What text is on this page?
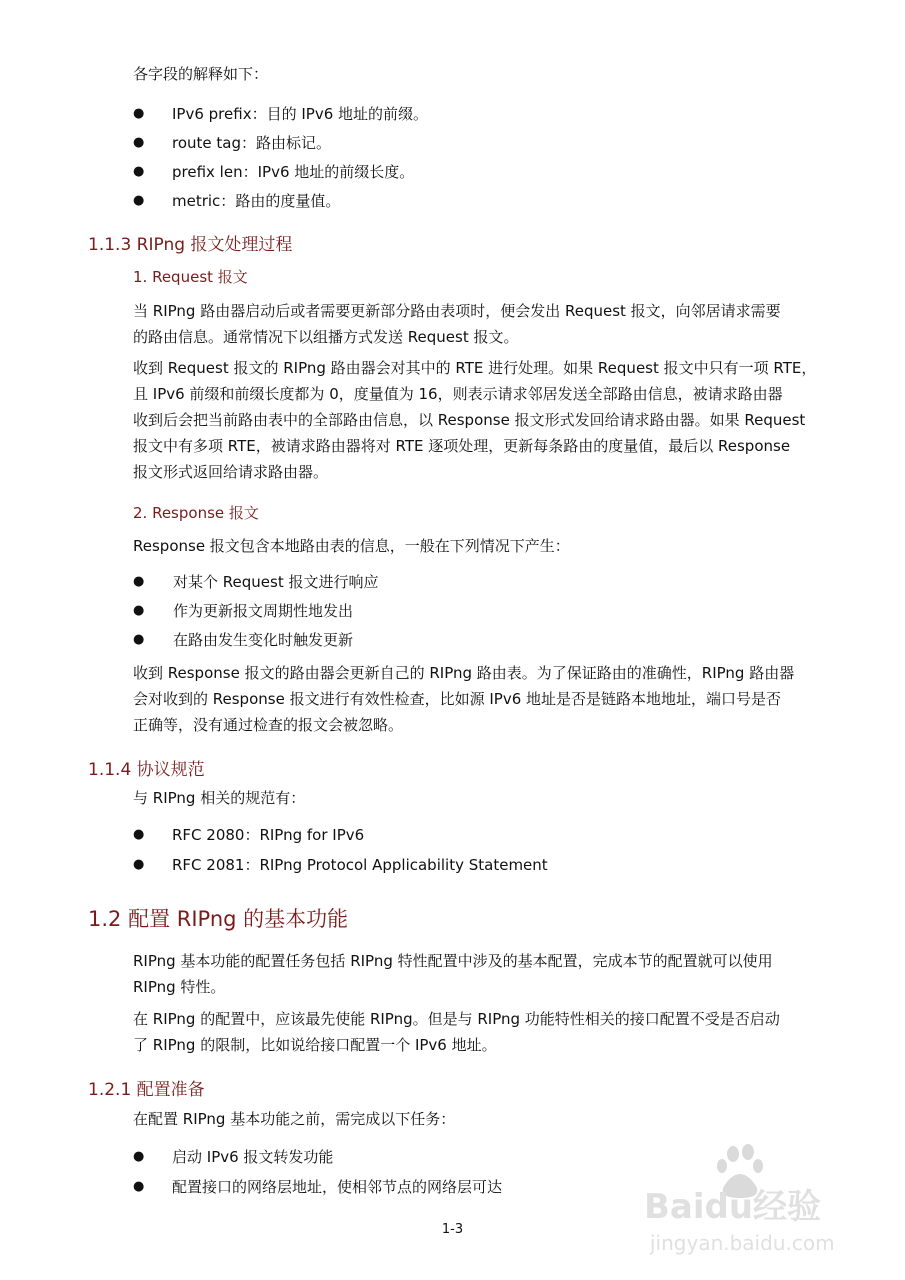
各字段的解释如下：
● IPv6 prefix：目的 IPv6 地址的前缀。
● route tag：路由标记。
● prefix len：IPv6 地址的前缀长度。
● metric：路由的度量值。
1.1.3 RIPng 报文处理过程
1. Request 报文
当 RIPng 路由器启动后或者需要更新部分路由表项时，便会发出 Request 报文，向邻居请求需要
的路由信息。通常情况下以组播方式发送 Request 报文。
收到 Request 报文的 RIPng 路由器会对其中的 RTE 进行处理。如果 Request 报文中只有一项 RTE，
且 IPv6 前缀和前缀长度都为 0，度量值为 16，则表示请求邻居发送全部路由信息，被请求路由器
收到后会把当前路由表中的全部路由信息，以 Response 报文形式发回给请求路由器。如果 Request
报文中有多项 RTE，被请求路由器将对 RTE 逐项处理，更新每条路由的度量值，最后以 Response
报文形式返回给请求路由器。
2. Response 报文
Response 报文包含本地路由表的信息，一般在下列情况下产生：
● 对某个 Request 报文进行响应
● 作为更新报文周期性地发出
● 在路由发生变化时触发更新
收到 Response 报文的路由器会更新自己的 RIPng 路由表。为了保证路由的准确性，RIPng 路由器
会对收到的 Response 报文进行有效性检查，比如源 IPv6 地址是否是链路本地地址，端口号是否
正确等，没有通过检查的报文会被忽略。
1.1.4 协议规范
与 RIPng 相关的规范有：
● RFC 2080：RIPng for IPv6
● RFC 2081：RIPng Protocol Applicability Statement
1.2 配置 RIPng 的基本功能
RIPng 基本功能的配置任务包括 RIPng 特性配置中涉及的基本配置，完成本节的配置就可以使用
RIPng 特性。
在 RIPng 的配置中，应该最先使能 RIPng。但是与 RIPng 功能特性相关的接口配置不受是否启动
了 RIPng 的限制，比如说给接口配置一个 IPv6 地址。
1.2.1 配置准备
在配置 RIPng 基本功能之前，需完成以下任务：
● 启动 IPv6 报文转发功能
● 配置接口的网络层地址，使相邻节点的网络层可达
1-3
Baidu经验
jingyan.baidu.com
